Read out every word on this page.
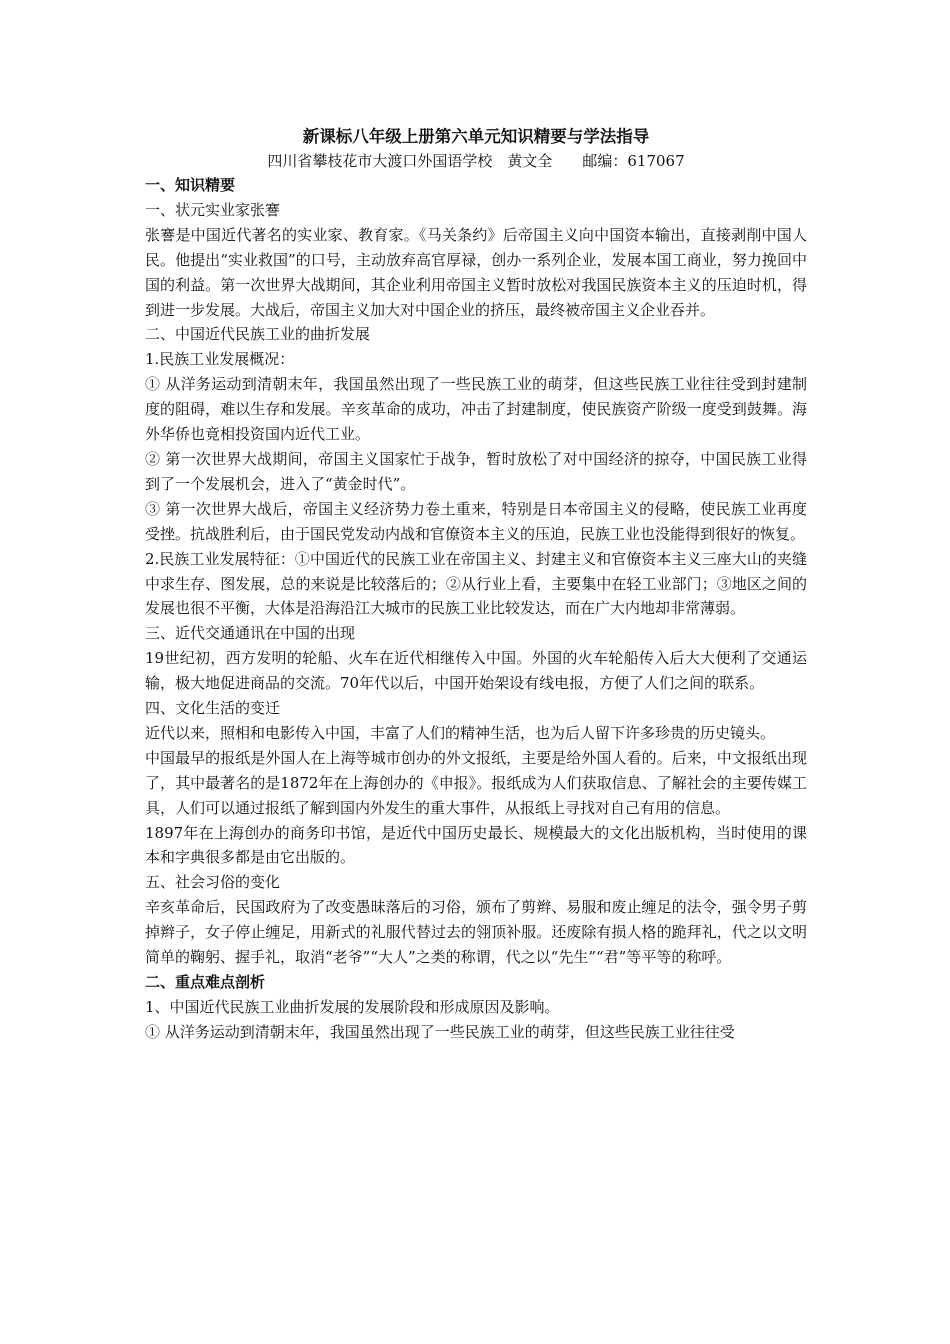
新课标八年级上册第六单元知识精要与学法指导
四川省攀枝花市大渡口外国语学校　黄文全　　邮编：617067
一、知识精要

一、状元实业家张謇

张謇是中国近代著名的实业家、教育家。《马关条约》后帝国主义向中国资本输出，直接剥削中国人民。他提出“实业救国”的口号，主动放弃高官厚禄，创办一系列企业，发展本国工商业，努力挽回中国的利益。第一次世界大战期间，其企业利用帝国主义暂时放松对我国民族资本主义的压迫时机，得到进一步发展。大战后，帝国主义加大对中国企业的挤压，最终被帝国主义企业吞并。

二、中国近代民族工业的曲折发展

1.民族工业发展概况：

① 从洋务运动到清朝末年，我国虽然出现了一些民族工业的萌芽，但这些民族工业往往受到封建制度的阻碍，难以生存和发展。辛亥革命的成功，冲击了封建制度，使民族资产阶级一度受到鼓舞。海外华侨也竟相投资国内近代工业。

② 第一次世界大战期间，帝国主义国家忙于战争，暂时放松了对中国经济的掠夺，中国民族工业得到了一个发展机会，进入了“黄金时代”。

③ 第一次世界大战后，帝国主义经济势力卷土重来，特别是日本帝国主义的侵略，使民族工业再度受挫。抗战胜利后，由于国民党发动内战和官僚资本主义的压迫，民族工业也没能得到很好的恢复。

2.民族工业发展特征：①中国近代的民族工业在帝国主义、封建主义和官僚资本主义三座大山的夹缝中求生存、图发展，总的来说是比较落后的；②从行业上看，主要集中在轻工业部门；③地区之间的发展也很不平衡，大体是沿海沿江大城市的民族工业比较发达，而在广大内地却非常薄弱。

三、近代交通通讯在中国的出现

19世纪初，西方发明的轮船、火车在近代相继传入中国。外国的火车轮船传入后大大便利了交通运输，极大地促进商品的交流。70年代以后，中国开始架设有线电报，方便了人们之间的联系。

四、文化生活的变迁

近代以来，照相和电影传入中国，丰富了人们的精神生活，也为后人留下许多珍贵的历史镜头。

中国最早的报纸是外国人在上海等城市创办的外文报纸，主要是给外国人看的。后来，中文报纸出现了，其中最著名的是1872年在上海创办的《申报》。报纸成为人们获取信息、了解社会的主要传媒工具，人们可以通过报纸了解到国内外发生的重大事件，从报纸上寻找对自己有用的信息。

1897年在上海创办的商务印书馆，是近代中国历史最长、规模最大的文化出版机构，当时使用的课本和字典很多都是由它出版的。

五、社会习俗的变化

辛亥革命后，民国政府为了改变愚昧落后的习俗，颁布了剪辫、易服和废止缠足的法令，强令男子剪掉辫子，女子停止缠足，用新式的礼服代替过去的翎顶补服。还废除有损人格的跪拜礼，代之以文明简单的鞠躬、握手礼，取消“老爷”“大人”之类的称谓，代之以“先生”“君”等平等的称呼。

二、重点难点剖析

1、中国近代民族工业曲折发展的发展阶段和形成原因及影响。

① 从洋务运动到清朝末年，我国虽然出现了一些民族工业的萌芽，但这些民族工业往往受
